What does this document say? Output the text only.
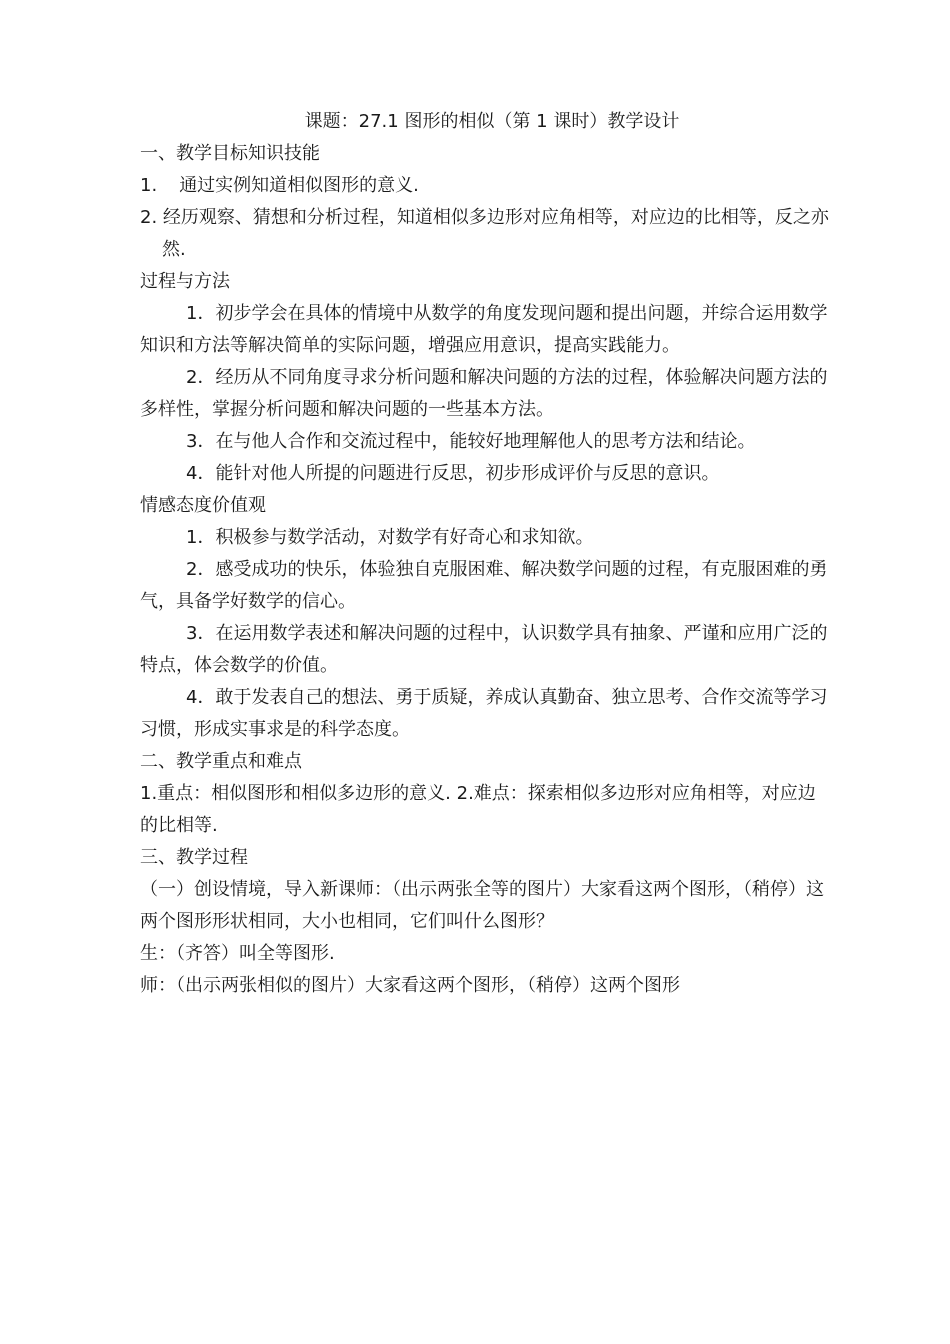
课题：27.1 图形的相似（第 1 课时）教学设计

一、教学目标知识技能

1. 通过实例知道相似图形的意义.

2. 经历观察、猜想和分析过程，知道相似多边形对应角相等，对应边的比相等，反之亦然.

过程与方法

1．初步学会在具体的情境中从数学的角度发现问题和提出问题，并综合运用数学知识和方法等解决简单的实际问题，增强应用意识，提高实践能力。

2．经历从不同角度寻求分析问题和解决问题的方法的过程，体验解决问题方法的多样性，掌握分析问题和解决问题的一些基本方法。

3．在与他人合作和交流过程中，能较好地理解他人的思考方法和结论。

4．能针对他人所提的问题进行反思，初步形成评价与反思的意识。

情感态度价值观

1．积极参与数学活动，对数学有好奇心和求知欲。

2．感受成功的快乐，体验独自克服困难、解决数学问题的过程，有克服困难的勇气，具备学好数学的信心。

3．在运用数学表述和解决问题的过程中，认识数学具有抽象、严谨和应用广泛的特点，体会数学的价值。

4．敢于发表自己的想法、勇于质疑，养成认真勤奋、独立思考、合作交流等学习习惯，形成实事求是的科学态度。

二、教学重点和难点

1.重点：相似图形和相似多边形的意义. 2.难点：探索相似多边形对应角相等，对应边的比相等.

三、教学过程

（一）创设情境，导入新课师：（出示两张全等的图片）大家看这两个图形，（稍停）这两个图形形状相同，大小也相同，它们叫什么图形？

生：（齐答）叫全等图形.

师：（出示两张相似的图片）大家看这两个图形，（稍停）这两个图形
